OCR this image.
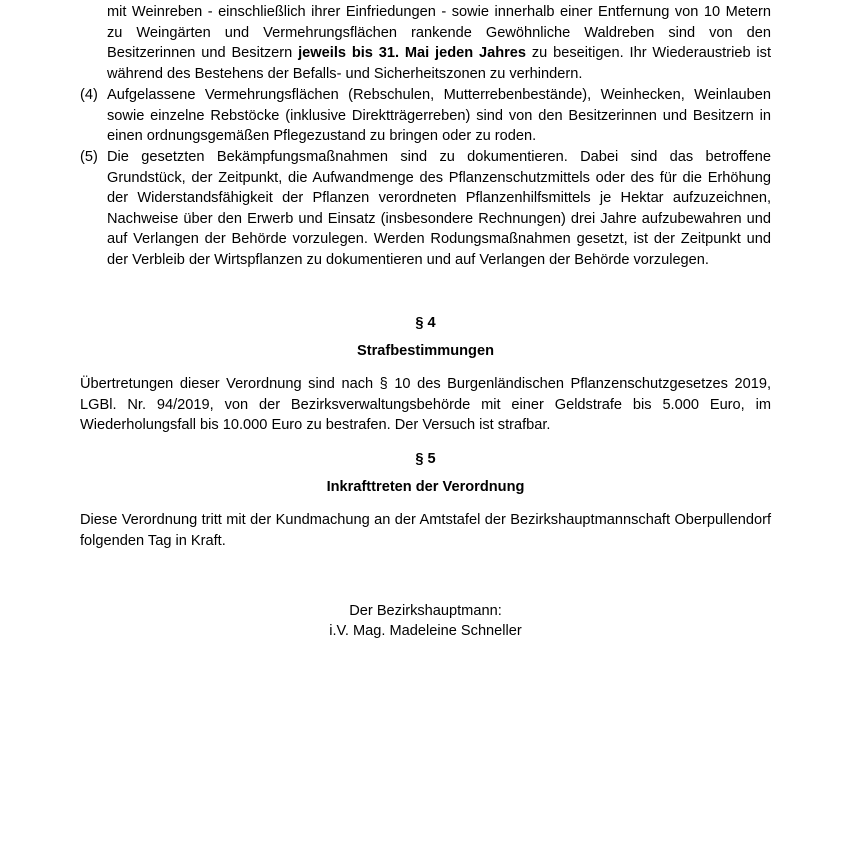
mit Weinreben - einschließlich ihrer Einfriedungen - sowie innerhalb einer Entfernung von 10 Metern zu Weingärten und Vermehrungsflächen rankende Gewöhnliche Waldreben sind von den Besitzerinnen und Besitzern jeweils bis 31. Mai jeden Jahres zu beseitigen. Ihr Wiederaustrieb ist während des Bestehens der Befalls- und Sicherheitszonen zu verhindern.

(4) Aufgelassene Vermehrungsflächen (Rebschulen, Mutterrebenbestände), Weinhecken, Weinlauben sowie einzelne Rebstöcke (inklusive Direktträgerreben) sind von den Besitzerinnen und Besitzern in einen ordnungsgemäßen Pflegezustand zu bringen oder zu roden.
(5) Die gesetzten Bekämpfungsmaßnahmen sind zu dokumentieren. Dabei sind das betroffene Grundstück, der Zeitpunkt, die Aufwandmenge des Pflanzenschutzmittels oder des für die Erhöhung der Widerstandsfähigkeit der Pflanzen verordneten Pflanzenhilfsmittels je Hektar aufzuzeichnen, Nachweise über den Erwerb und Einsatz (insbesondere Rechnungen) drei Jahre aufzubewahren und auf Verlangen der Behörde vorzulegen. Werden Rodungsmaßnahmen gesetzt, ist der Zeitpunkt und der Verbleib der Wirtspflanzen zu dokumentieren und auf Verlangen der Behörde vorzulegen.
§ 4
Strafbestimmungen

Übertretungen dieser Verordnung sind nach § 10 des Burgenländischen Pflanzenschutzgesetzes 2019, LGBl. Nr. 94/2019, von der Bezirksverwaltungsbehörde mit einer Geldstrafe bis 5.000 Euro, im Wiederholungsfall bis 10.000 Euro zu bestrafen. Der Versuch ist strafbar.

§ 5
Inkrafttreten der Verordnung

Diese Verordnung tritt mit der Kundmachung an der Amtstafel der Bezirkshauptmannschaft Oberpullendorf folgenden Tag in Kraft.

Der Bezirkshauptmann:
i.V. Mag. Madeleine Schneller
